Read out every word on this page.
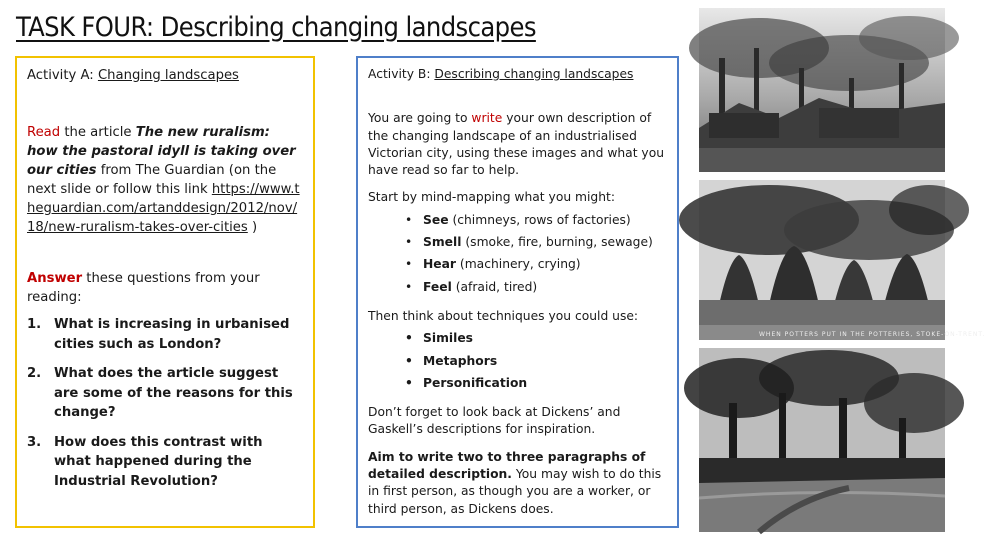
TASK FOUR: Describing changing landscapes

Activity A: Changing landscapes

Read the article The new ruralism: how the pastoral idyll is taking over our cities from The Guardian (on the next slide or follow this link https://www.theguardian.com/artanddesign/2012/nov/18/new-ruralism-takes-over-cities )

Answer these questions from your reading:

1. What is increasing in urbanised cities such as London?
2. What does the article suggest are some of the reasons for this change?
3. How does this contrast with what happened during the Industrial Revolution?

Activity B: Describing changing landscapes

You are going to write your own description of the changing landscape of an industrialised Victorian city, using these images and what you have read so far to help.

Start by mind-mapping what you might:

• See (chimneys, rows of factories)
• Smell (smoke, fire, burning, sewage)
• Hear (machinery, crying)
• Feel (afraid, tired)

Then think about techniques you could use:

• Similes
• Metaphors
• Personification

Don’t forget to look back at Dickens’ and Gaskell’s descriptions for inspiration.

Aim to write two to three paragraphs of detailed description. You may wish to do this in first person, as though you are a worker, or third person, as Dickens does.

WHEN POTTERS PUT IN THE POTTERIES, STOKE-ON-TRENT.
